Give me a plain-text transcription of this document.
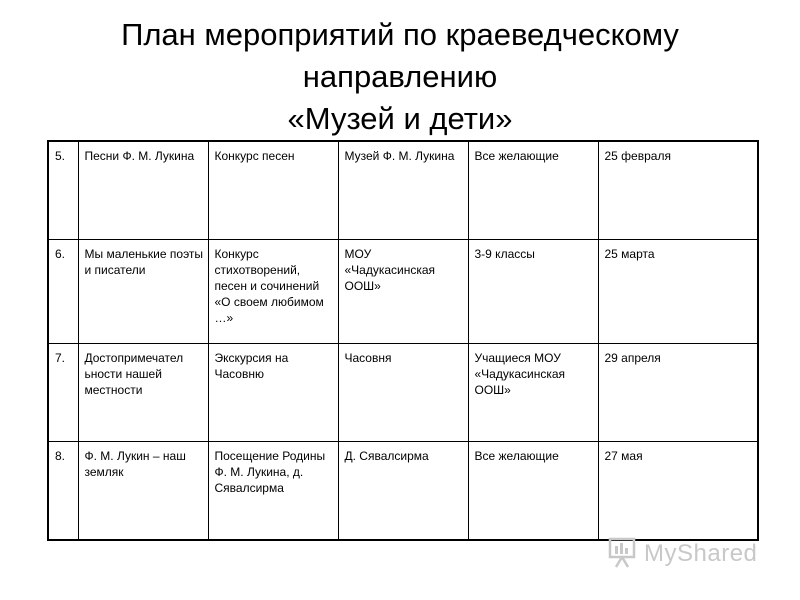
План мероприятий по краеведческому
направлению
«Музей и дети»
5.	Песни Ф. М. Лукина	Конкурс песен	Музей Ф. М. Лукина	Все желающие	25 февраля
6.	Мы маленькие поэты и писатели	Конкурс стихотворений, песен и сочинений «О своем любимом …»	МОУ «Чадукасинская ООШ»	3-9 классы	25 марта
7.	Достопримечател ьности нашей местности	Экскурсия на Часовню	Часовня	Учащиеся МОУ «Чадукасинская ООШ»	29 апреля
8.	Ф. М. Лукин – наш земляк	Посещение Родины Ф. М. Лукина, д. Сявалсирма	Д. Сявалсирма	Все желающие	27 мая
MyShared
